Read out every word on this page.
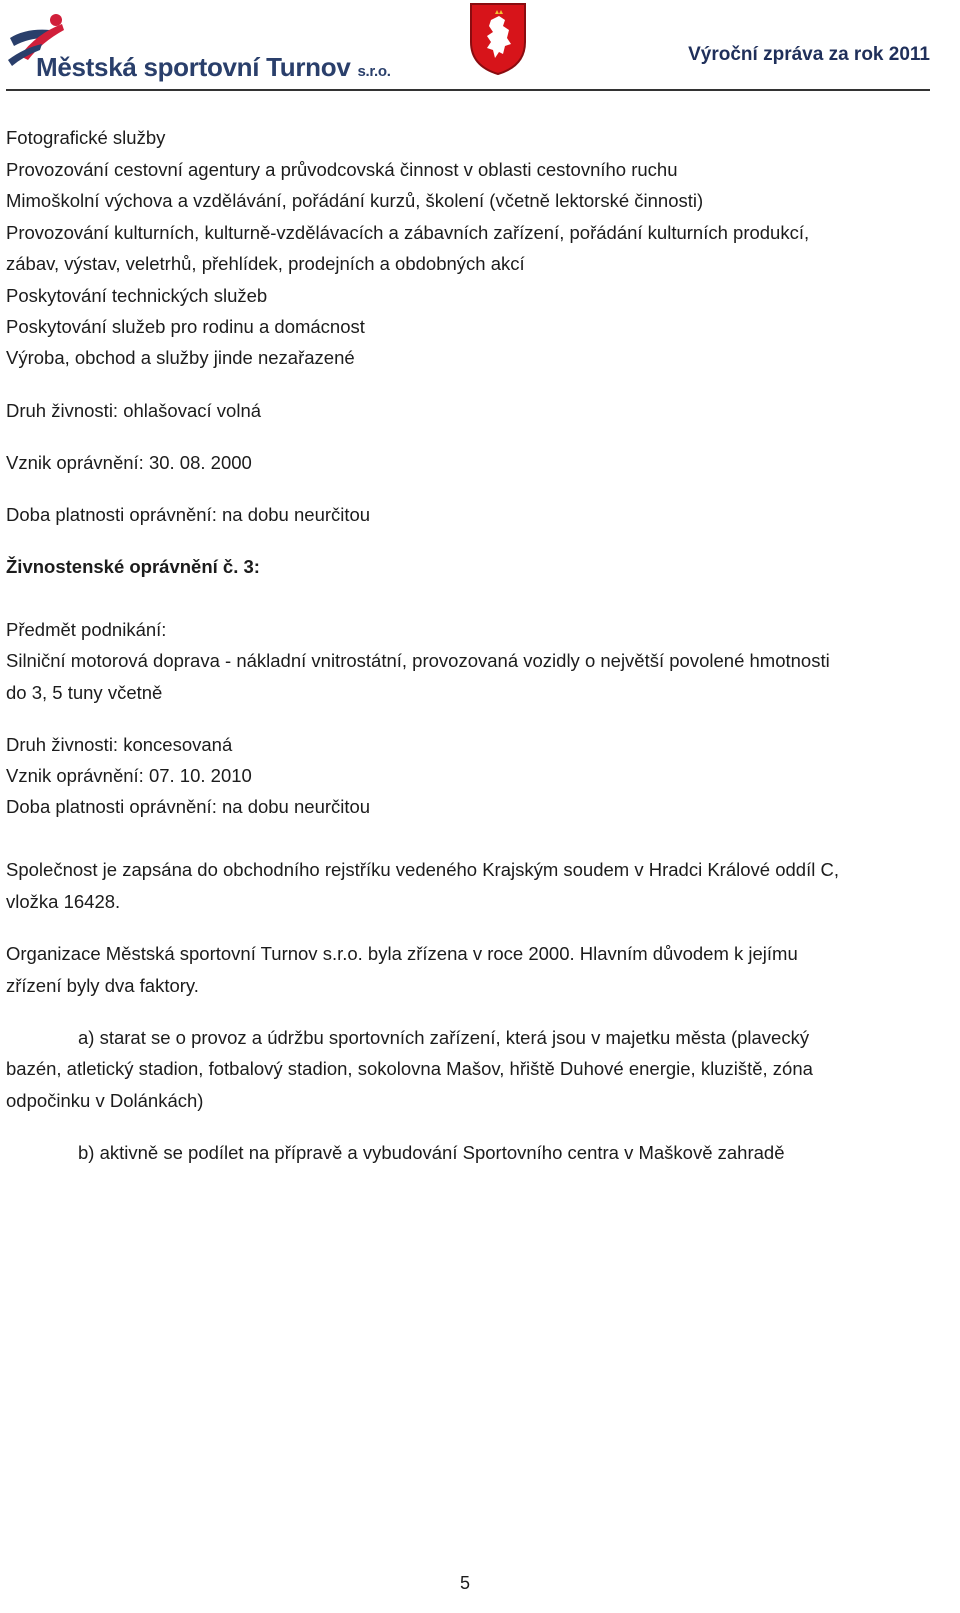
Městská sportovní Turnov s.r.o.
Výroční zpráva za rok 2011
Fotografické služby
Provozování cestovní agentury a průvodcovská činnost v oblasti cestovního ruchu
Mimoškolní výchova a vzdělávání, pořádání kurzů, školení (včetně lektorské činnosti)
Provozování kulturních, kulturně-vzdělávacích a zábavních zařízení, pořádání kulturních produkcí,
zábav, výstav, veletrhů, přehlídek, prodejních a obdobných akcí
Poskytování technických služeb
Poskytování služeb pro rodinu a domácnost
Výroba, obchod a služby jinde nezařazené
Druh živnosti: ohlašovací volná
Vznik oprávnění: 30. 08. 2000
Doba platnosti oprávnění: na dobu neurčitou
Živnostenské oprávnění č. 3:
Předmět podnikání:
Silniční motorová doprava - nákladní vnitrostátní, provozovaná vozidly o největší povolené hmotnosti
do 3, 5 tuny včetně
Druh živnosti: koncesovaná
Vznik oprávnění: 07. 10. 2010
Doba platnosti oprávnění: na dobu neurčitou
Společnost je zapsána do obchodního rejstříku vedeného Krajským soudem v Hradci Králové oddíl C,
vložka 16428.
Organizace Městská sportovní Turnov s.r.o. byla zřízena v roce 2000. Hlavním důvodem k jejímu
zřízení byly dva faktory.
a) starat se o provoz a údržbu sportovních zařízení, která jsou v majetku města (plavecký
bazén, atletický stadion, fotbalový stadion, sokolovna Mašov, hřiště Duhové energie, kluziště, zóna
odpočinku v Dolánkách)
b) aktivně se podílet na přípravě a vybudování Sportovního centra v Maškově zahradě
5
